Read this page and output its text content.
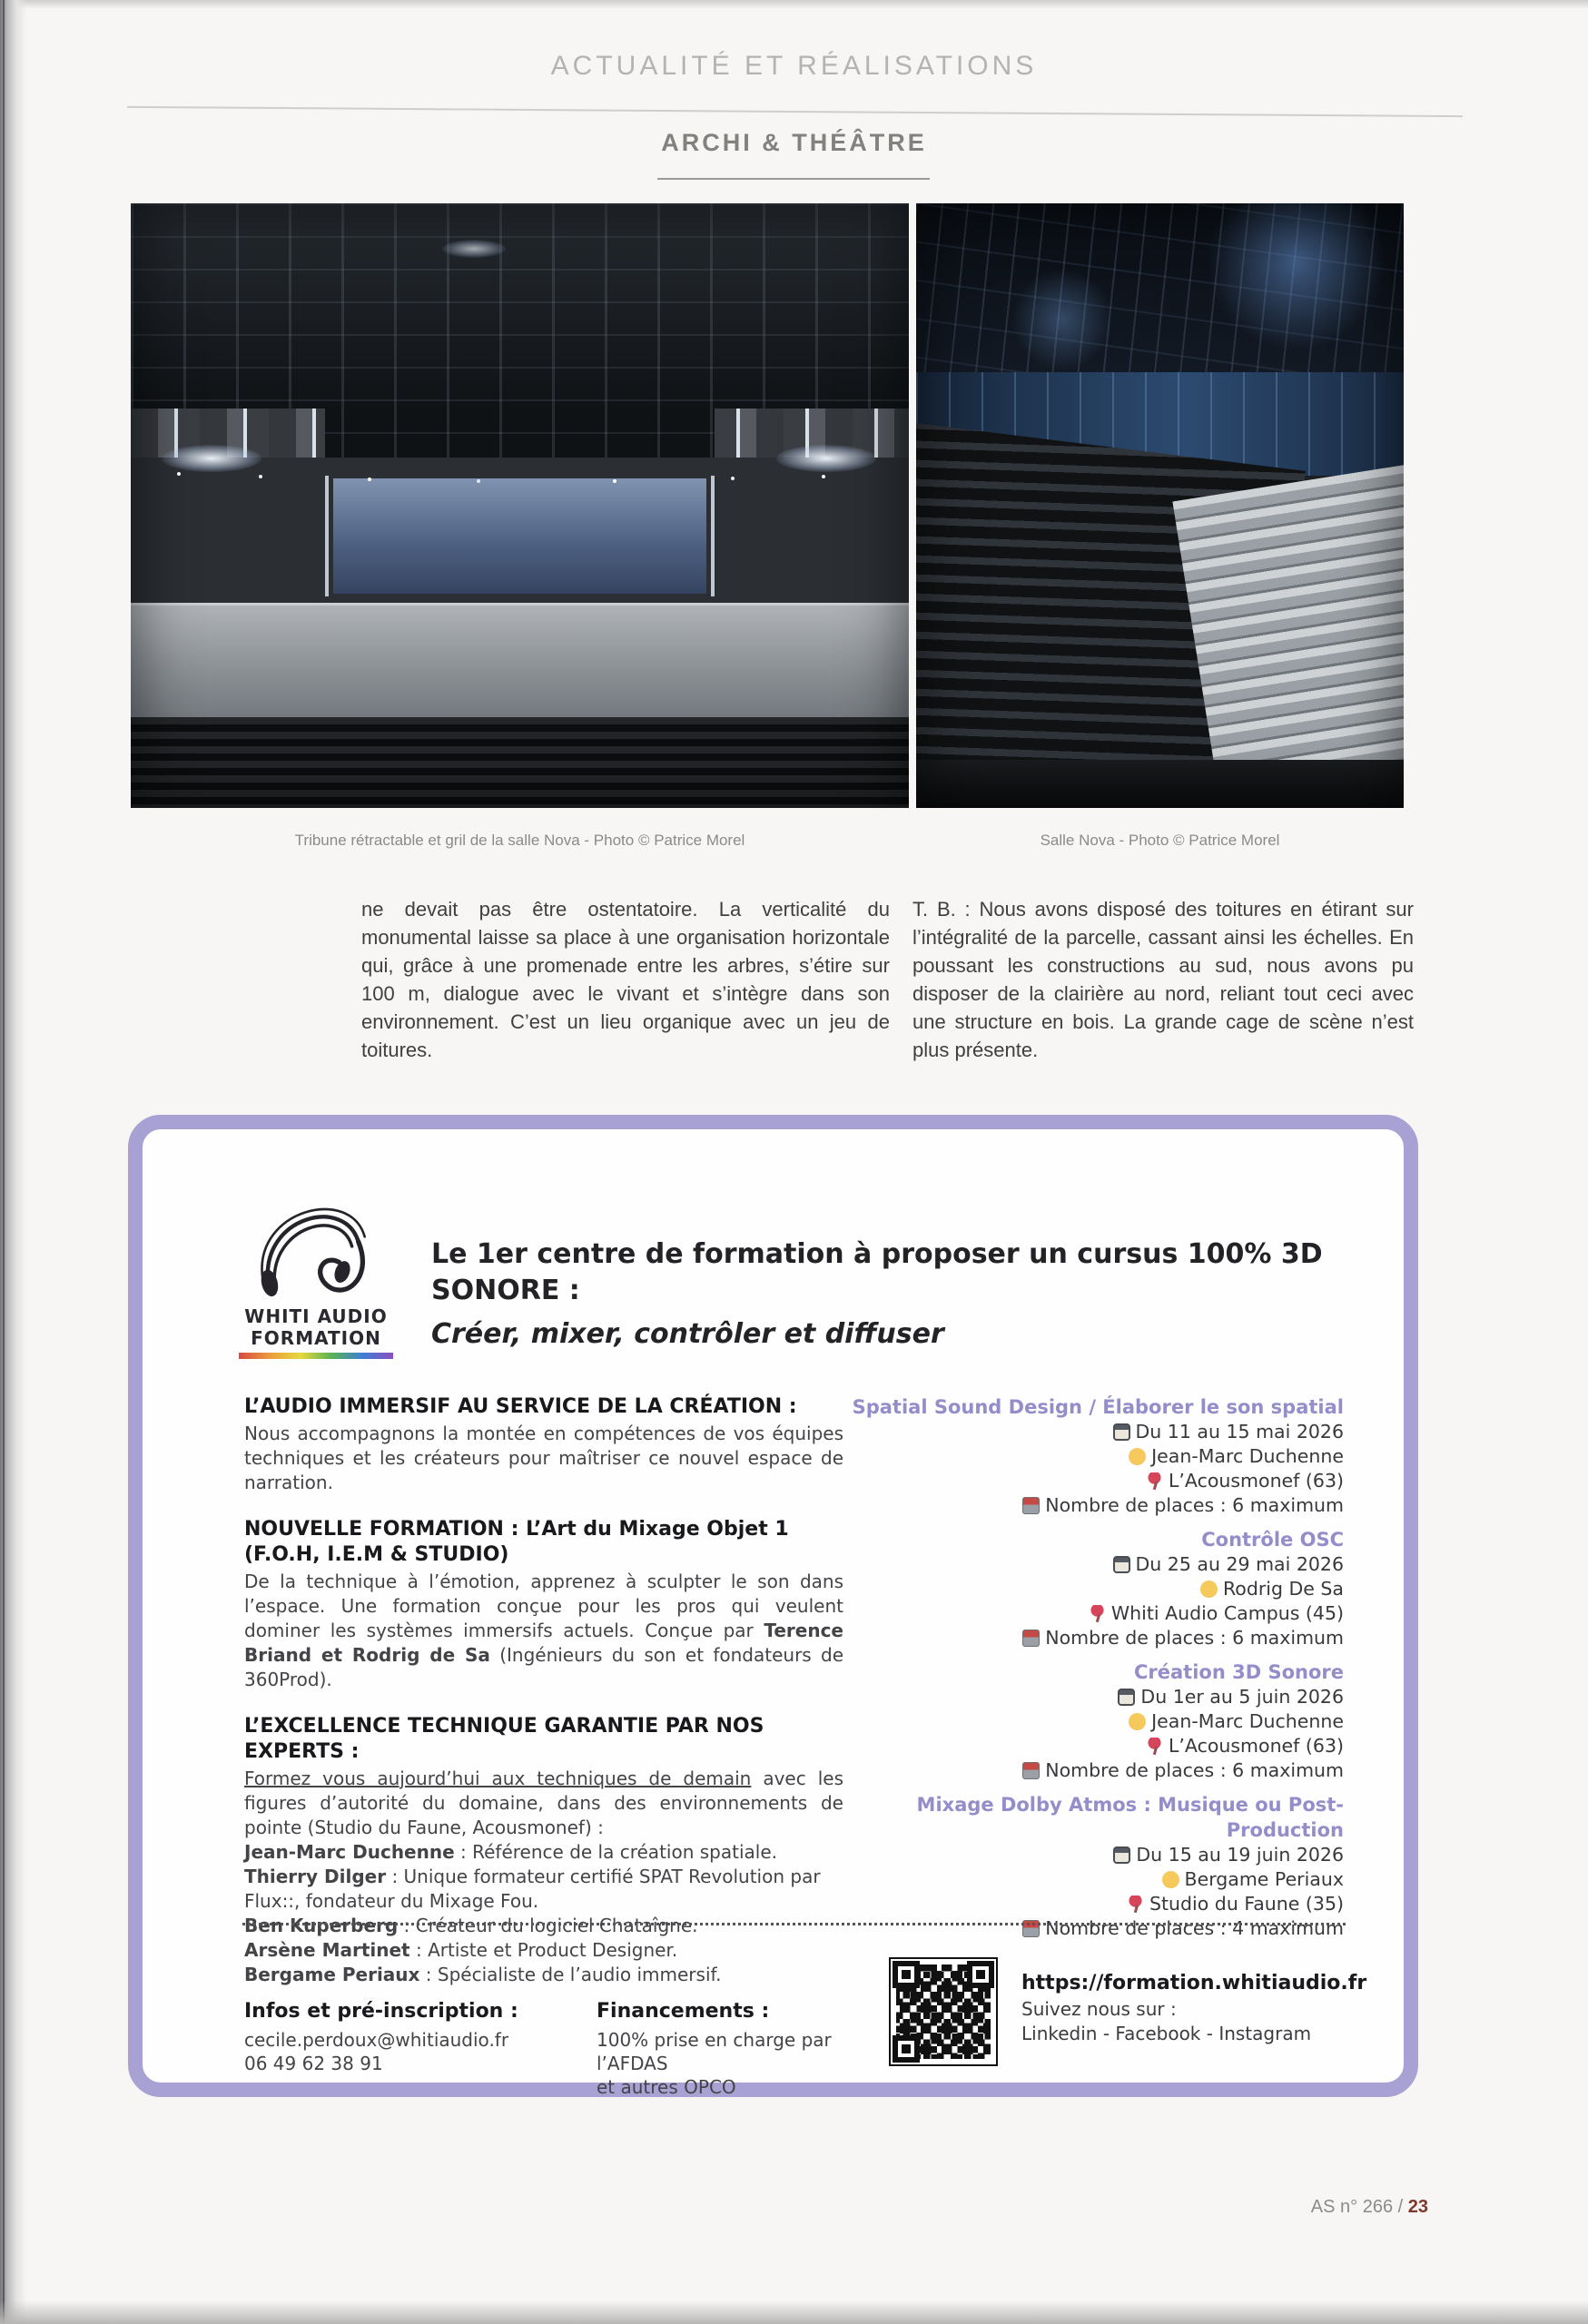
ACTUALITÉ ET RÉALISATIONS
ARCHI & THÉÂTRE
Tribune rétractable et gril de la salle Nova - Photo © Patrice Morel	Salle Nova - Photo © Patrice Morel
ne devait pas être ostentatoire. La verticalité du monumental laisse sa place à une organisation horizontale qui, grâce à une promenade entre les arbres, s’étire sur 100 m, dialogue avec le vivant et s’intègre dans son environnement. C’est un lieu organique avec un jeu de toitures.
T. B. : Nous avons disposé des toitures en étirant sur l’intégralité de la parcelle, cassant ainsi les échelles. En poussant les constructions au sud, nous avons pu disposer de la clairière au nord, reliant tout ceci avec une structure en bois. La grande cage de scène n’est plus présente.
WHITI AUDIO
FORMATION
Le 1er centre de formation à proposer un cursus 100% 3D SONORE :
Créer, mixer, contrôler et diffuser
L’AUDIO IMMERSIF AU SERVICE DE LA CRÉATION :

Nous accompagnons la montée en compétences de vos équipes techniques et les créateurs pour maîtriser ce nouvel espace de narration.

NOUVELLE FORMATION : L’Art du Mixage Objet 1
(F.O.H, I.E.M & STUDIO)

De la technique à l’émotion, apprenez à sculpter le son dans l’espace. Une formation conçue pour les pros qui veulent dominer les systèmes immersifs actuels. Conçue par Terence Briand et Rodrig de Sa (Ingénieurs du son et fondateurs de 360Prod).

L’EXCELLENCE TECHNIQUE GARANTIE PAR NOS EXPERTS :

Formez vous aujourd’hui aux techniques de demain avec les figures d’autorité du domaine, dans des environnements de pointe (Studio du Faune, Acousmonef) :

Jean-Marc Duchenne : Référence de la création spatiale.

Thierry Dilger : Unique formateur certifié SPAT Revolution par Flux::, fondateur du Mixage Fou.

Ben Kuperberg : Créateur du logiciel Chataîgne.

Arsène Martinet : Artiste et Product Designer.

Bergame Periaux : Spécialiste de l’audio immersif.

Spatial Sound Design / Élaborer le son spatial
Du 11 au 15 mai 2026
Jean-Marc Duchenne
L’Acousmonef (63)
Nombre de places : 6 maximum
Contrôle OSC
Du 25 au 29 mai 2026
Rodrig De Sa
Whiti Audio Campus (45)
Nombre de places : 6 maximum
Création 3D Sonore
Du 1er au 5 juin 2026
Jean-Marc Duchenne
L’Acousmonef (63)
Nombre de places : 6 maximum
Mixage Dolby Atmos : Musique ou Post-Production
Du 15 au 19 juin 2026
Bergame Periaux
Studio du Faune (35)
Nombre de places : 4 maximum

Infos et pré-inscription :

cecile.perdoux@whitiaudio.fr

06 49 62 38 91

Financements :

100% prise en charge par l’AFDAS

et autres OPCO

https://formation.whitiaudio.fr
Suivez nous sur :
Linkedin - Facebook - Instagram
AS n° 266 / 23
